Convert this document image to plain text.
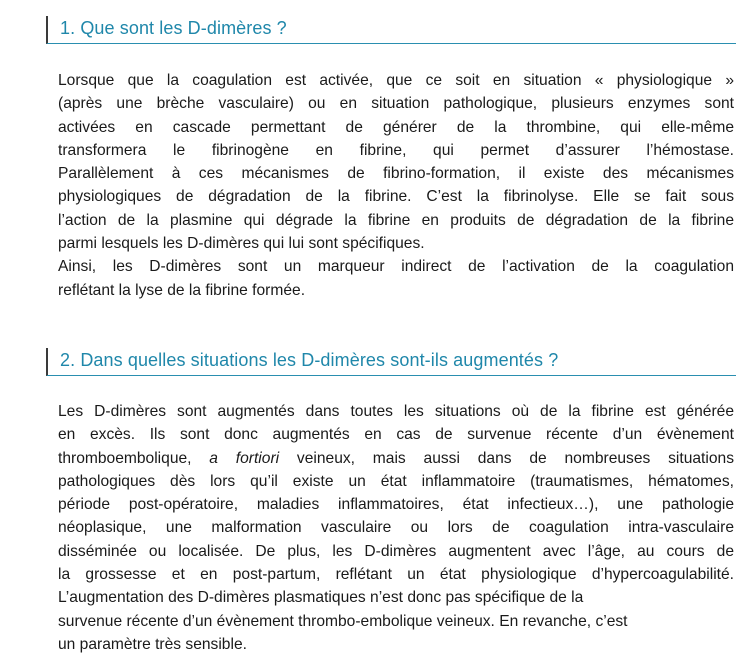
1. Que sont les D-dimères ?
Lorsque que la coagulation est activée, que ce soit en situation « physiologique »
(après une brèche vasculaire) ou en situation pathologique, plusieurs enzymes sont
activées en cascade permettant de générer de la thrombine, qui elle-même
transformera le fibrinogène en fibrine, qui permet d’assurer l’hémostase.
Parallèlement à ces mécanismes de fibrino-formation, il existe des mécanismes
physiologiques de dégradation de la fibrine. C’est la fibrinolyse. Elle se fait sous
l’action de la plasmine qui dégrade la fibrine en produits de dégradation de la fibrine
parmi lesquels les D-dimères qui lui sont spécifiques.
Ainsi, les D-dimères sont un marqueur indirect de l’activation de la coagulation
reflétant la lyse de la fibrine formée.
2. Dans quelles situations les D-dimères sont-ils augmentés ?
Les D-dimères sont augmentés dans toutes les situations où de la fibrine est générée
en excès. Ils sont donc augmentés en cas de survenue récente d’un évènement
thromboembolique, a fortiori veineux, mais aussi dans de nombreuses situations
pathologiques dès lors qu’il existe un état inflammatoire (traumatismes, hématomes,
période post-opératoire, maladies inflammatoires, état infectieux…), une pathologie
néoplasique, une malformation vasculaire ou lors de coagulation intra-vasculaire
disséminée ou localisée. De plus, les D-dimères augmentent avec l’âge, au cours de
la grossesse et en post-partum, reflétant un état physiologique d’hypercoagulabilité.
L’augmentation des D-dimères plasmatiques n’est donc pas spécifique de la
survenue récente d’un évènement thrombo-embolique veineux. En revanche, c’est
un paramètre très sensible.
